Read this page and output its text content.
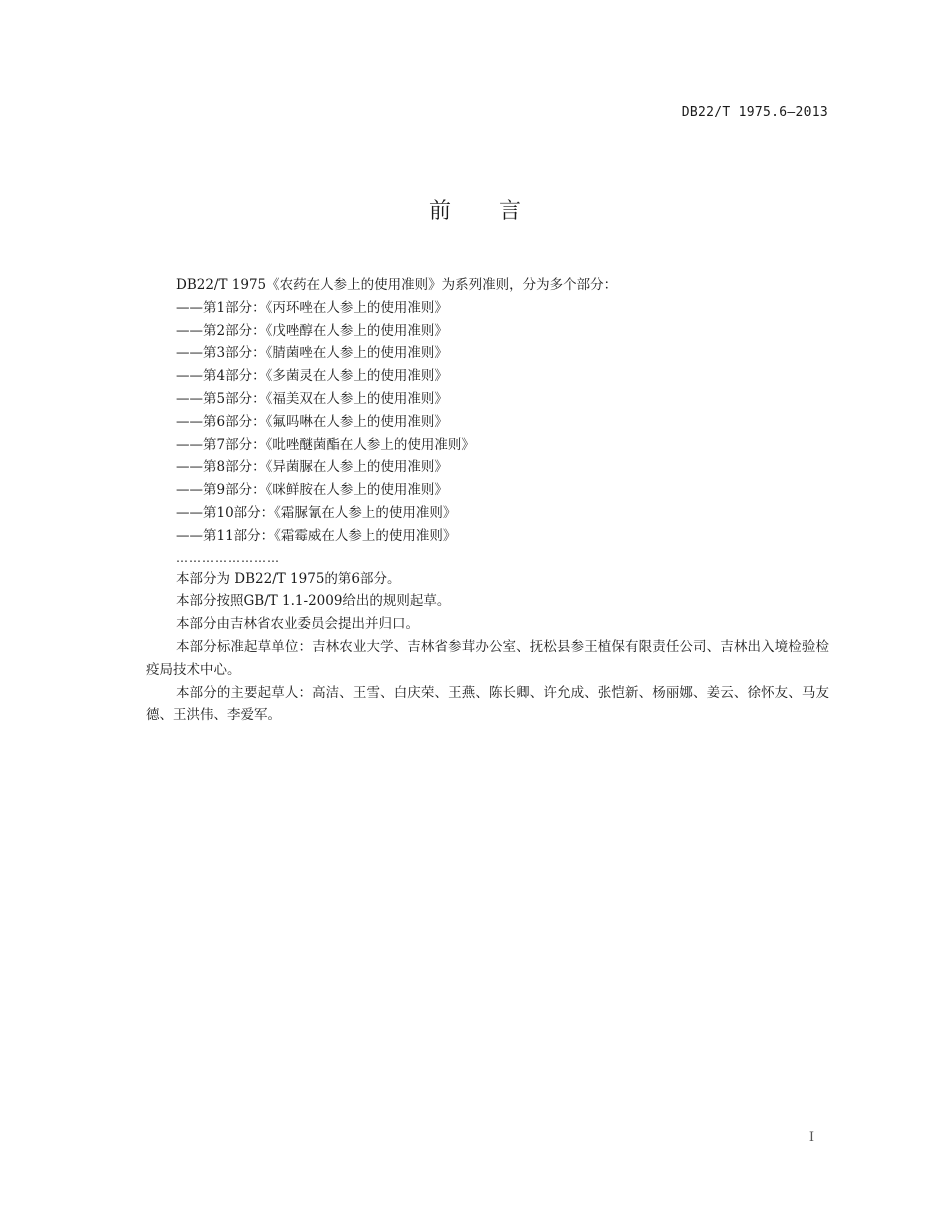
DB22/T 1975.6—2013
前 言

DB22/T 1975《农药在人参上的使用准则》为系列准则，分为多个部分：

——第1部分：《丙环唑在人参上的使用准则》

——第2部分：《戊唑醇在人参上的使用准则》

——第3部分：《腈菌唑在人参上的使用准则》

——第4部分：《多菌灵在人参上的使用准则》

——第5部分：《福美双在人参上的使用准则》

——第6部分：《氟吗啉在人参上的使用准则》

——第7部分：《吡唑醚菌酯在人参上的使用准则》

——第8部分：《异菌脲在人参上的使用准则》

——第9部分：《咪鲜胺在人参上的使用准则》

——第10部分：《霜脲氰在人参上的使用准则》

——第11部分：《霜霉威在人参上的使用准则》

……………………

本部分为 DB22/T 1975的第6部分。

本部分按照GB/T 1.1-2009给出的规则起草。

本部分由吉林省农业委员会提出并归口。

本部分标准起草单位：吉林农业大学、吉林省参茸办公室、抚松县参王植保有限责任公司、吉林出入境检验检疫局技术中心。

本部分的主要起草人：高洁、王雪、白庆荣、王燕、陈长卿、许允成、张恺新、杨丽娜、姜云、徐怀友、马友德、王洪伟、李爱军。

I
